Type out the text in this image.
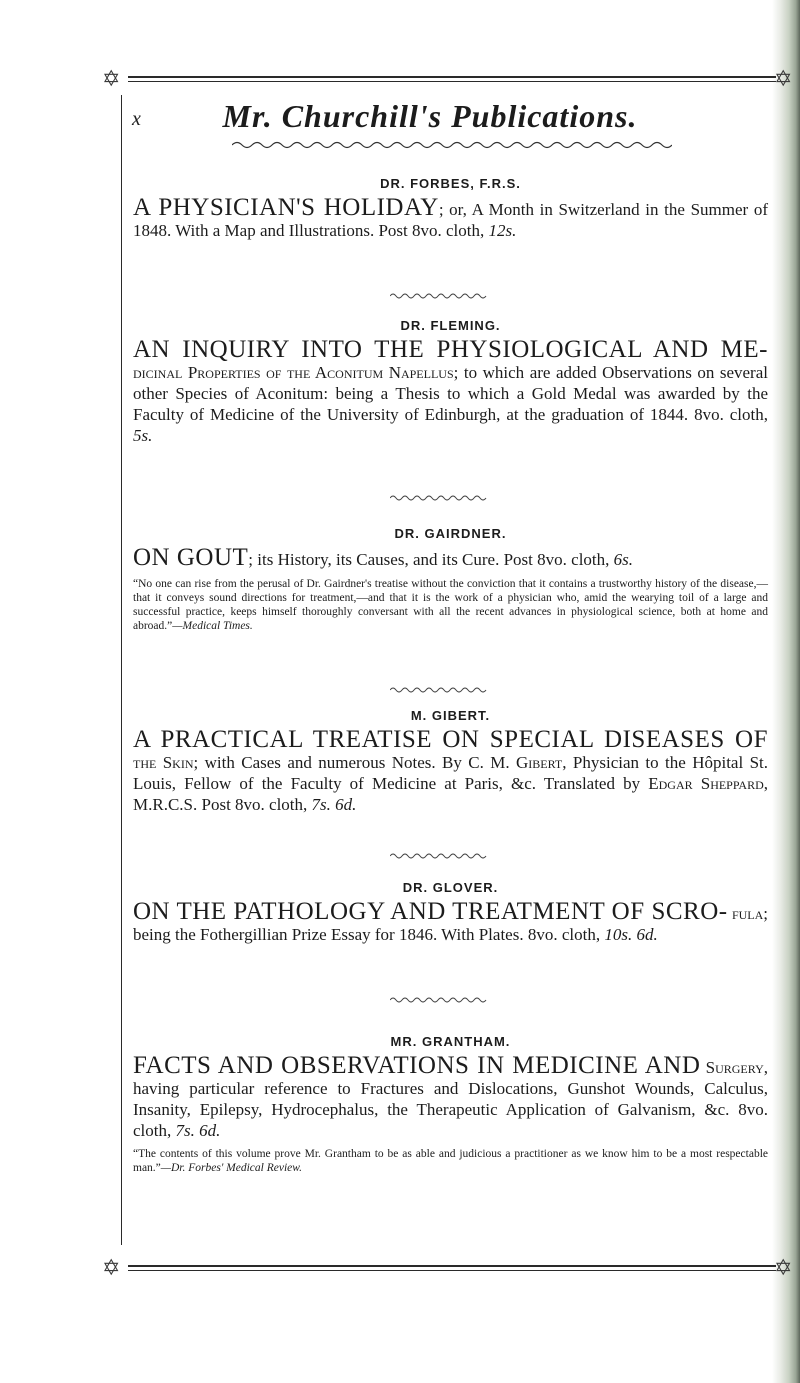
✡	✡
✡	✡
x	Mr. Churchill's Publications.
DR. FORBES, F.R.S.
A PHYSICIAN'S HOLIDAY; or, A Month in Switzerland in the Summer of 1848. With a Map and Illustrations. Post 8vo. cloth, 12s.
DR. FLEMING.
AN INQUIRY INTO THE PHYSIOLOGICAL AND ME- dicinal Properties of the Aconitum Napellus; to which are added Observations on several other Species of Aconitum: being a Thesis to which a Gold Medal was awarded by the Faculty of Medicine of the University of Edinburgh, at the graduation of 1844. 8vo. cloth, 5s.
DR. GAIRDNER.
ON GOUT; its History, its Causes, and its Cure. Post 8vo. cloth, 6s.
“No one can rise from the perusal of Dr. Gairdner's treatise without the conviction that it contains a trustworthy history of the disease,—that it conveys sound directions for treatment,—and that it is the work of a physician who, amid the wearying toil of a large and successful practice, keeps himself thoroughly conversant with all the recent advances in physiological science, both at home and abroad.”—Medical Times.
M. GIBERT.
A PRACTICAL TREATISE ON SPECIAL DISEASES OF the Skin; with Cases and numerous Notes. By C. M. Gibert, Physician to the Hôpital St. Louis, Fellow of the Faculty of Medicine at Paris, &c. Translated by Edgar Sheppard, M.R.C.S. Post 8vo. cloth, 7s. 6d.
DR. GLOVER.
ON THE PATHOLOGY AND TREATMENT OF SCRO- fula; being the Fothergillian Prize Essay for 1846. With Plates. 8vo. cloth, 10s. 6d.
MR. GRANTHAM.
FACTS AND OBSERVATIONS IN MEDICINE AND Surgery, having particular reference to Fractures and Dislocations, Gunshot Wounds, Calculus, Insanity, Epilepsy, Hydrocephalus, the Therapeutic Application of Galvanism, &c. 8vo. cloth, 7s. 6d.
“The contents of this volume prove Mr. Grantham to be as able and judicious a practitioner as we know him to be a most respectable man.”—Dr. Forbes' Medical Review.
